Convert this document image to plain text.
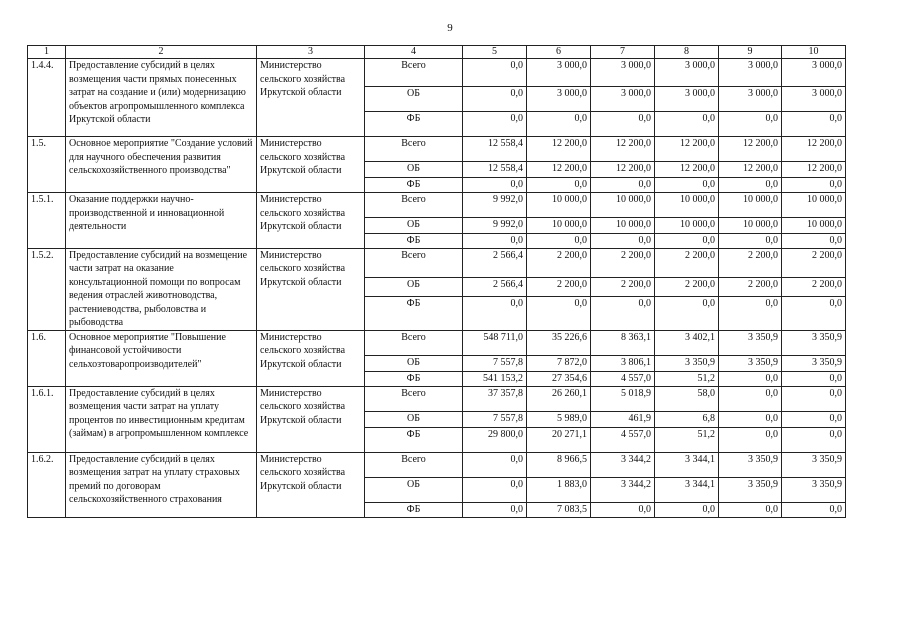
9
1	2	3	4	5	6	7	8	9	10
1.4.4.	Предоставление субсидий в целях возмещения части прямых понесенных затрат на создание и (или) модернизацию объектов агропромышленного комплекса Иркутской области	Министерство сельского хозяйства Иркутской области	Всего	0,0	3 000,0	3 000,0	3 000,0	3 000,0	3 000,0
			ОБ	0,0	3 000,0	3 000,0	3 000,0	3 000,0	3 000,0
			ФБ	0,0	0,0	0,0	0,0	0,0	0,0
1.5.	Основное мероприятие "Создание условий для научного обеспечения развития сельскохозяйственного производства"	Министерство сельского хозяйства Иркутской области	Всего	12 558,4	12 200,0	12 200,0	12 200,0	12 200,0	12 200,0
			ОБ	12 558,4	12 200,0	12 200,0	12 200,0	12 200,0	12 200,0
			ФБ	0,0	0,0	0,0	0,0	0,0	0,0
1.5.1.	Оказание поддержки научно-производственной и инновационной деятельности	Министерство сельского хозяйства Иркутской области	Всего	9 992,0	10 000,0	10 000,0	10 000,0	10 000,0	10 000,0
			ОБ	9 992,0	10 000,0	10 000,0	10 000,0	10 000,0	10 000,0
			ФБ	0,0	0,0	0,0	0,0	0,0	0,0
1.5.2.	Предоставление субсидий на возмещение части затрат на оказание консультационной помощи по вопросам ведения отраслей животноводства, растениеводства, рыболовства и рыбоводства	Министерство сельского хозяйства Иркутской области	Всего	2 566,4	2 200,0	2 200,0	2 200,0	2 200,0	2 200,0
			ОБ	2 566,4	2 200,0	2 200,0	2 200,0	2 200,0	2 200,0
			ФБ	0,0	0,0	0,0	0,0	0,0	0,0
1.6.	Основное мероприятие "Повышение финансовой устойчивости сельхозтоваропроизводителей"	Министерство сельского хозяйства Иркутской области	Всего	548 711,0	35 226,6	8 363,1	3 402,1	3 350,9	3 350,9
			ОБ	7 557,8	7 872,0	3 806,1	3 350,9	3 350,9	3 350,9
			ФБ	541 153,2	27 354,6	4 557,0	51,2	0,0	0,0
1.6.1.	Предоставление субсидий в целях возмещения части затрат на уплату процентов по инвестиционным кредитам (займам) в агропромышленном комплексе	Министерство сельского хозяйства Иркутской области	Всего	37 357,8	26 260,1	5 018,9	58,0	0,0	0,0
			ОБ	7 557,8	5 989,0	461,9	6,8	0,0	0,0
			ФБ	29 800,0	20 271,1	4 557,0	51,2	0,0	0,0
1.6.2.	Предоставление субсидий в целях возмещения затрат на уплату страховых премий по договорам сельскохозяйственного страхования	Министерство сельского хозяйства Иркутской области	Всего	0,0	8 966,5	3 344,2	3 344,1	3 350,9	3 350,9
			ОБ	0,0	1 883,0	3 344,2	3 344,1	3 350,9	3 350,9
			ФБ	0,0	7 083,5	0,0	0,0	0,0	0,0
